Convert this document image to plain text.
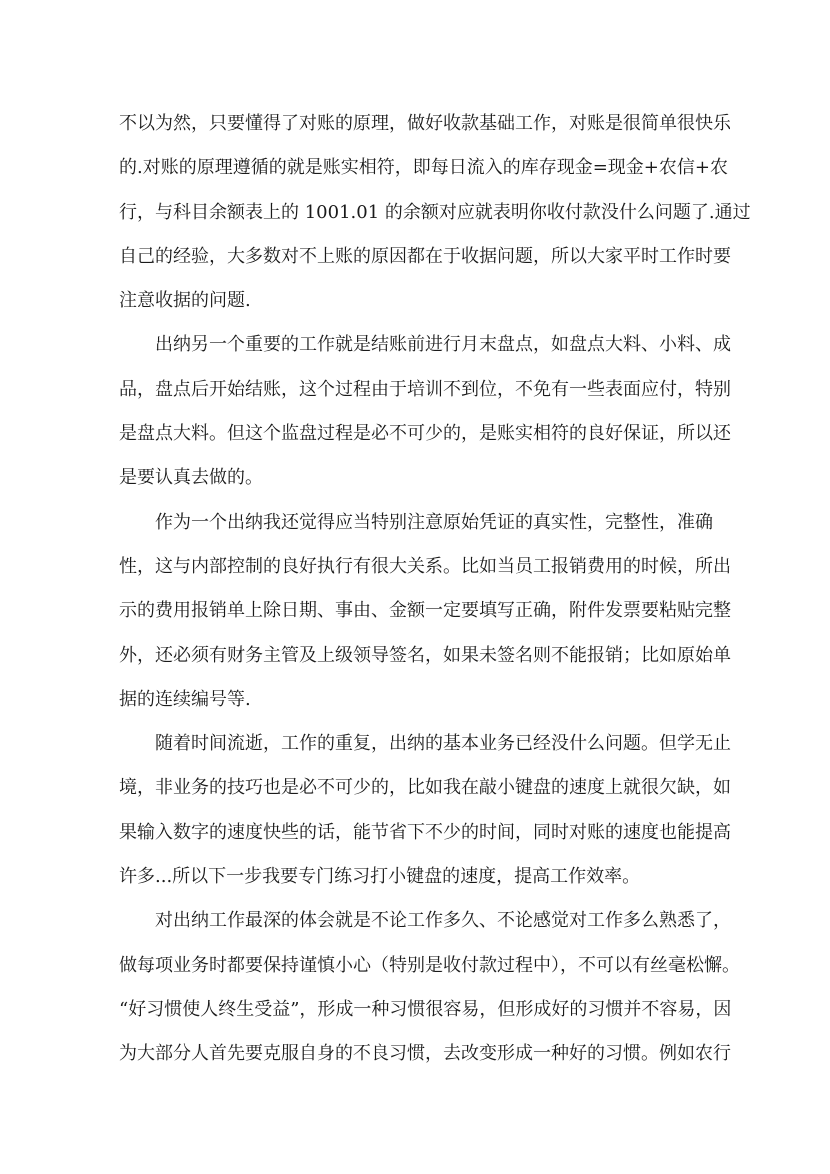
不以为然，只要懂得了对账的原理，做好收款基础工作，对账是很简单很快乐
的.对账的原理遵循的就是账实相符，即每日流入的库存现金=现金+农信+农
行，与科目余额表上的 1001.01 的余额对应就表明你收付款没什么问题了.通过
自己的经验，大多数对不上账的原因都在于收据问题，所以大家平时工作时要
注意收据的问题.
出纳另一个重要的工作就是结账前进行月末盘点，如盘点大料、小料、成
品，盘点后开始结账，这个过程由于培训不到位，不免有一些表面应付，特别
是盘点大料。但这个监盘过程是必不可少的，是账实相符的良好保证，所以还
是要认真去做的。
作为一个出纳我还觉得应当特别注意原始凭证的真实性，完整性，准确
性，这与内部控制的良好执行有很大关系。比如当员工报销费用的时候，所出
示的费用报销单上除日期、事由、金额一定要填写正确，附件发票要粘贴完整
外，还必须有财务主管及上级领导签名，如果未签名则不能报销；比如原始单
据的连续编号等.
随着时间流逝，工作的重复，出纳的基本业务已经没什么问题。但学无止
境，非业务的技巧也是必不可少的，比如我在敲小键盘的速度上就很欠缺，如
果输入数字的速度快些的话，能节省下不少的时间，同时对账的速度也能提高
许多...所以下一步我要专门练习打小键盘的速度，提高工作效率。
对出纳工作最深的体会就是不论工作多久、不论感觉对工作多么熟悉了，
做每项业务时都要保持谨慎小心（特别是收付款过程中），不可以有丝毫松懈。
“好习惯使人终生受益”，形成一种习惯很容易，但形成好的习惯并不容易，因
为大部分人首先要克服自身的不良习惯，去改变形成一种好的习惯。例如农行
